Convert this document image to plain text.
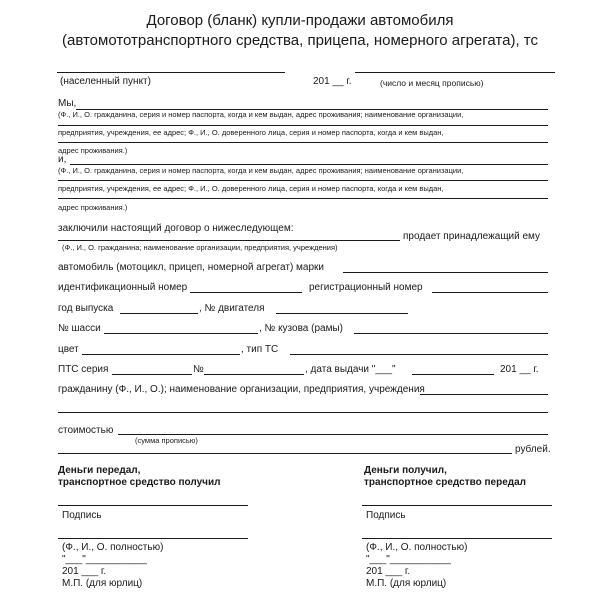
Договор (бланк) купли-продажи автомобиля
(автомототранспортного средства, прицепа, номерного агрегата), тс
(населенный пункт)	201 __ г.	(число и месяц прописью)
Мы,
(Ф., И., О. гражданина, серия и номер паспорта, когда и кем выдан, адрес проживания; наименование организации,
предприятия, учреждения, ее адрес; Ф., И., О. доверенного лица, серия и номер паспорта, когда и кем выдан,
адрес проживания.)
и,
(Ф., И., О. гражданина, серия и номер паспорта, когда и кем выдан, адрес проживания; наименование организации,
предприятия, учреждения, ее адрес; Ф., И., О. доверенного лица, серия и номер паспорта, когда и кем выдан,
адрес проживания.)
заключили настоящий договор о нижеследующем:
продает принадлежащий ему
(Ф., И., О. гражданина; наименование организации, предприятия, учреждения)
автомобиль (мотоцикл, прицеп, номерной агрегат) марки
идентификационный номер	регистрационный номер
год выпуска	, № двигателя
№ шасси	, № кузова (рамы)
цвет	, тип ТС
ПТС серия	№	, дата выдачи "___"	201 __ г.
гражданину (Ф., И., О.); наименование организации, предприятия, учреждения
стоимостью
(сумма прописью)
рублей.
Деньги передал,
транспортное средство получил
Подпись
(Ф., И., О. полностью)
"___"___________
201 ___ г.
М.П. (для юрлиц)
Деньги получил,
транспортное средство передал
Подпись
(Ф., И., О. полностью)
"___"___________
201 ___ г.
М.П. (для юрлиц)
